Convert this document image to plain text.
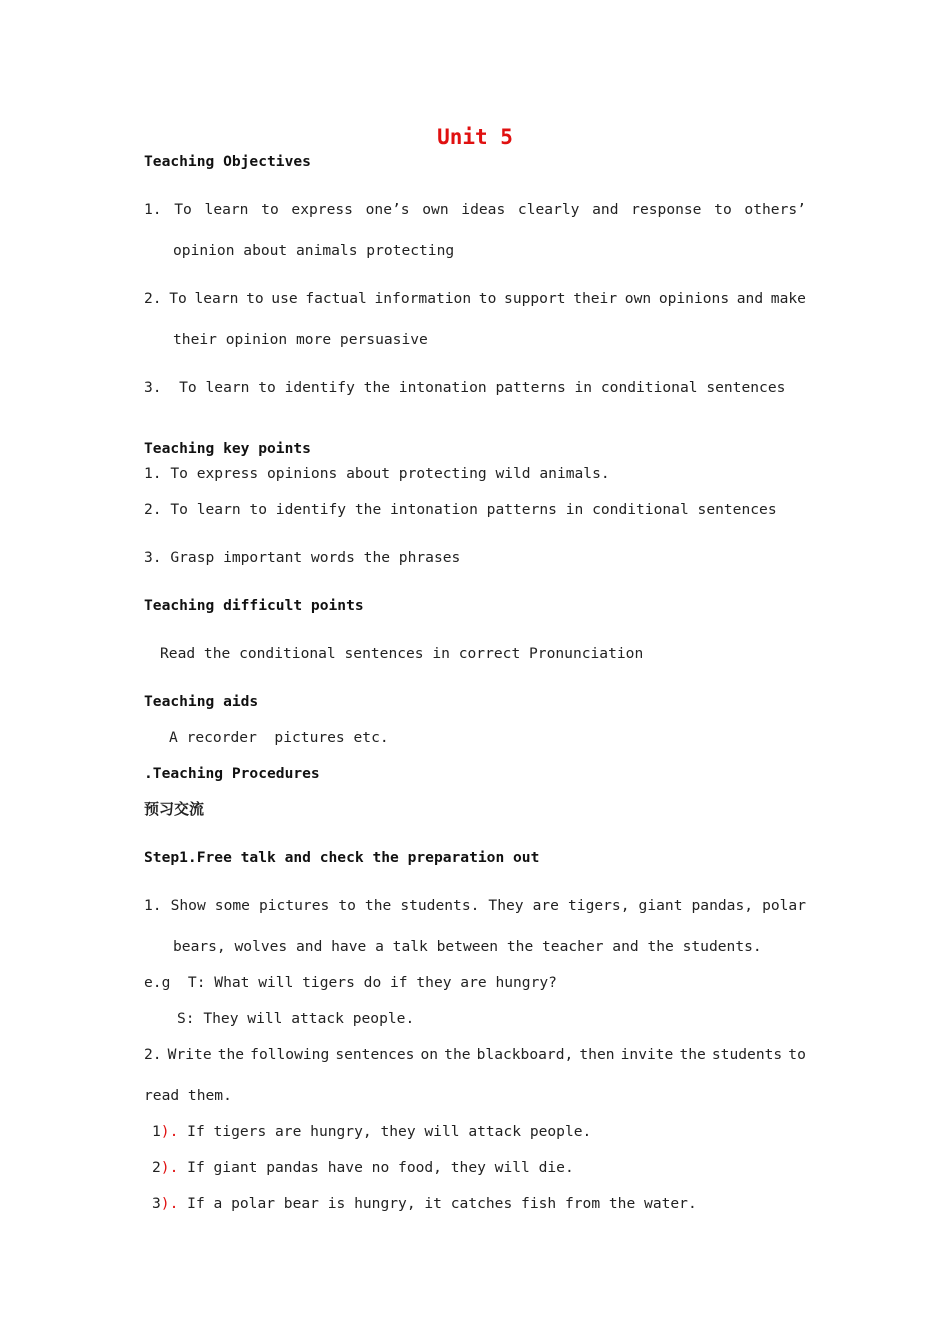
Unit 5
Teaching Objectives
1. To learn to express one’s own ideas clearly and response to others’
opinion about animals protecting
2. To learn to use factual information to support their own opinions and make
their opinion more persuasive
3.  To learn to identify the intonation patterns in conditional sentences
Teaching key points
1. To express opinions about protecting wild animals.
2. To learn to identify the intonation patterns in conditional sentences
3. Grasp important words the phrases
Teaching difficult points
Read the conditional sentences in correct Pronunciation
Teaching aids
A recorder  pictures etc.
.Teaching Procedures
预习交流
Step1.Free talk and check the preparation out
1. Show some pictures to the students. They are tigers, giant pandas, polar
bears, wolves and have a talk between the teacher and the students.
e.g  T: What will tigers do if they are hungry?
S: They will attack people.
2. Write the following sentences on the blackboard, then invite the students to
read them.
1). If tigers are hungry, they will attack people.
2). If giant pandas have no food, they will die.
3). If a polar bear is hungry, it catches fish from the water.
